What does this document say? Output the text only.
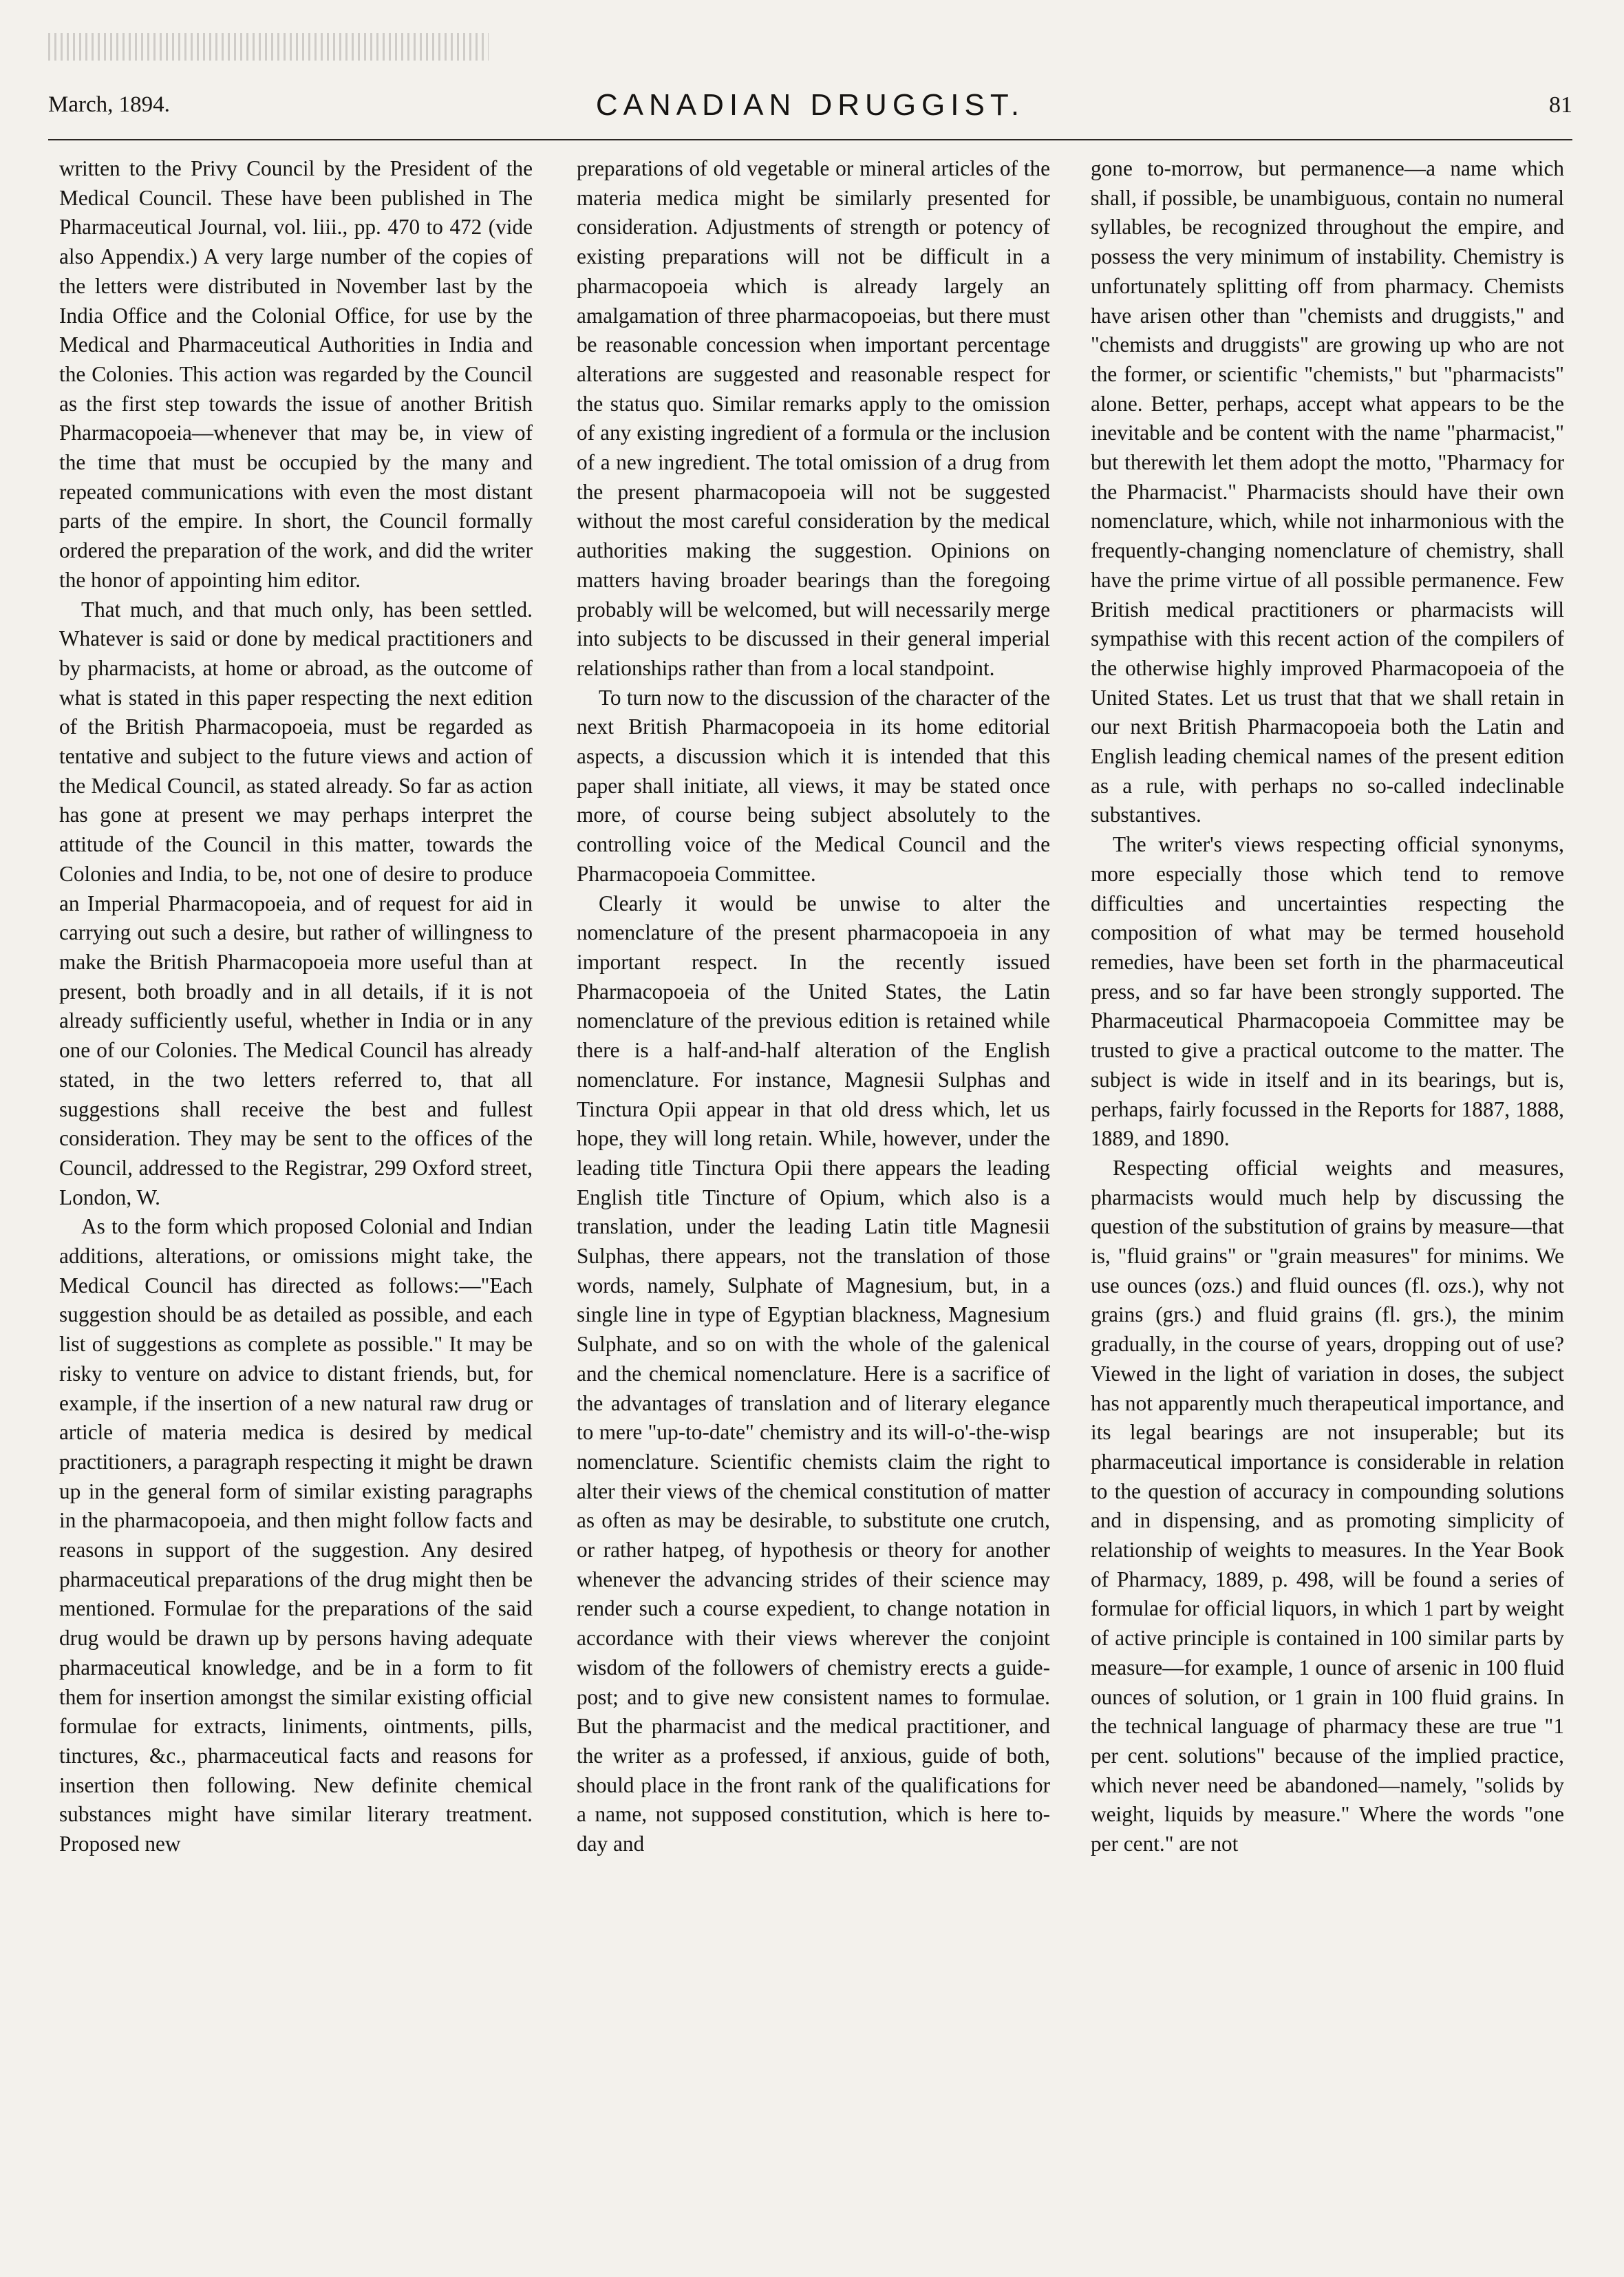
March, 1894.	CANADIAN DRUGGIST.	81

written to the Privy Council by the President of the Medical Council. These have been published in The Pharmaceutical Journal, vol. liii., pp. 470 to 472 (vide also Appendix.) A very large number of the copies of the letters were distributed in November last by the India Office and the Colonial Office, for use by the Medical and Pharmaceutical Authorities in India and the Colonies. This action was regarded by the Council as the first step towards the issue of another British Pharmacopoeia—whenever that may be, in view of the time that must be occupied by the many and repeated communications with even the most distant parts of the empire. In short, the Council formally ordered the preparation of the work, and did the writer the honor of appointing him editor.

That much, and that much only, has been settled. Whatever is said or done by medical practitioners and by pharmacists, at home or abroad, as the outcome of what is stated in this paper respecting the next edition of the British Pharmacopoeia, must be regarded as tentative and subject to the future views and action of the Medical Council, as stated already. So far as action has gone at present we may perhaps interpret the attitude of the Council in this matter, towards the Colonies and India, to be, not one of desire to produce an Imperial Pharmacopoeia, and of request for aid in carrying out such a desire, but rather of willingness to make the British Pharmacopoeia more useful than at present, both broadly and in all details, if it is not already sufficiently useful, whether in India or in any one of our Colonies. The Medical Council has already stated, in the two letters referred to, that all suggestions shall receive the best and fullest consideration. They may be sent to the offices of the Council, addressed to the Registrar, 299 Oxford street, London, W.

As to the form which proposed Colonial and Indian additions, alterations, or omissions might take, the Medical Council has directed as follows:—"Each suggestion should be as detailed as possible, and each list of suggestions as complete as possible." It may be risky to venture on advice to distant friends, but, for example, if the insertion of a new natural raw drug or article of materia medica is desired by medical practitioners, a paragraph respecting it might be drawn up in the general form of similar existing paragraphs in the pharmacopoeia, and then might follow facts and reasons in support of the suggestion. Any desired pharmaceutical preparations of the drug might then be mentioned. Formulae for the preparations of the said drug would be drawn up by persons having adequate pharmaceutical knowledge, and be in a form to fit them for insertion amongst the similar existing official formulae for extracts, liniments, ointments, pills, tinctures, &c., pharmaceutical facts and reasons for insertion then following. New definite chemical substances might have similar literary treatment. Proposed new

preparations of old vegetable or mineral articles of the materia medica might be similarly presented for consideration. Adjustments of strength or potency of existing preparations will not be difficult in a pharmacopoeia which is already largely an amalgamation of three pharmacopoeias, but there must be reasonable concession when important percentage alterations are suggested and reasonable respect for the status quo. Similar remarks apply to the omission of any existing ingredient of a formula or the inclusion of a new ingredient. The total omission of a drug from the present pharmacopoeia will not be suggested without the most careful consideration by the medical authorities making the suggestion. Opinions on matters having broader bearings than the foregoing probably will be welcomed, but will necessarily merge into subjects to be discussed in their general imperial relationships rather than from a local standpoint.

To turn now to the discussion of the character of the next British Pharmacopoeia in its home editorial aspects, a discussion which it is intended that this paper shall initiate, all views, it may be stated once more, of course being subject absolutely to the controlling voice of the Medical Council and the Pharmacopoeia Committee.

Clearly it would be unwise to alter the nomenclature of the present pharmacopoeia in any important respect. In the recently issued Pharmacopoeia of the United States, the Latin nomenclature of the previous edition is retained while there is a half-and-half alteration of the English nomenclature. For instance, Magnesii Sulphas and Tinctura Opii appear in that old dress which, let us hope, they will long retain. While, however, under the leading title Tinctura Opii there appears the leading English title Tincture of Opium, which also is a translation, under the leading Latin title Magnesii Sulphas, there appears, not the translation of those words, namely, Sulphate of Magnesium, but, in a single line in type of Egyptian blackness, Magnesium Sulphate, and so on with the whole of the galenical and the chemical nomenclature. Here is a sacrifice of the advantages of translation and of literary elegance to mere "up-to-date" chemistry and its will-o'-the-wisp nomenclature. Scientific chemists claim the right to alter their views of the chemical constitution of matter as often as may be desirable, to substitute one crutch, or rather hatpeg, of hypothesis or theory for another whenever the advancing strides of their science may render such a course expedient, to change notation in accordance with their views wherever the conjoint wisdom of the followers of chemistry erects a guide-post; and to give new consistent names to formulae. But the pharmacist and the medical practitioner, and the writer as a professed, if anxious, guide of both, should place in the front rank of the qualifications for a name, not supposed constitution, which is here to-day and

gone to-morrow, but permanence—a name which shall, if possible, be unambiguous, contain no numeral syllables, be recognized throughout the empire, and possess the very minimum of instability. Chemistry is unfortunately splitting off from pharmacy. Chemists have arisen other than "chemists and druggists," and "chemists and druggists" are growing up who are not the former, or scientific "chemists," but "pharmacists" alone. Better, perhaps, accept what appears to be the inevitable and be content with the name "pharmacist," but therewith let them adopt the motto, "Pharmacy for the Pharmacist." Pharmacists should have their own nomenclature, which, while not inharmonious with the frequently-changing nomenclature of chemistry, shall have the prime virtue of all possible permanence. Few British medical practitioners or pharmacists will sympathise with this recent action of the compilers of the otherwise highly improved Pharmacopoeia of the United States. Let us trust that that we shall retain in our next British Pharmacopoeia both the Latin and English leading chemical names of the present edition as a rule, with perhaps no so-called indeclinable substantives.

The writer's views respecting official synonyms, more especially those which tend to remove difficulties and uncertainties respecting the composition of what may be termed household remedies, have been set forth in the pharmaceutical press, and so far have been strongly supported. The Pharmaceutical Pharmacopoeia Committee may be trusted to give a practical outcome to the matter. The subject is wide in itself and in its bearings, but is, perhaps, fairly focussed in the Reports for 1887, 1888, 1889, and 1890.

Respecting official weights and measures, pharmacists would much help by discussing the question of the substitution of grains by measure—that is, "fluid grains" or "grain measures" for minims. We use ounces (ozs.) and fluid ounces (fl. ozs.), why not grains (grs.) and fluid grains (fl. grs.), the minim gradually, in the course of years, dropping out of use? Viewed in the light of variation in doses, the subject has not apparently much therapeutical importance, and its legal bearings are not insuperable; but its pharmaceutical importance is considerable in relation to the question of accuracy in compounding solutions and in dispensing, and as promoting simplicity of relationship of weights to measures. In the Year Book of Pharmacy, 1889, p. 498, will be found a series of formulae for official liquors, in which 1 part by weight of active principle is contained in 100 similar parts by measure—for example, 1 ounce of arsenic in 100 fluid ounces of solution, or 1 grain in 100 fluid grains. In the technical language of pharmacy these are true "1 per cent. solutions" because of the implied practice, which never need be abandoned—namely, "solids by weight, liquids by measure." Where the words "one per cent." are not
